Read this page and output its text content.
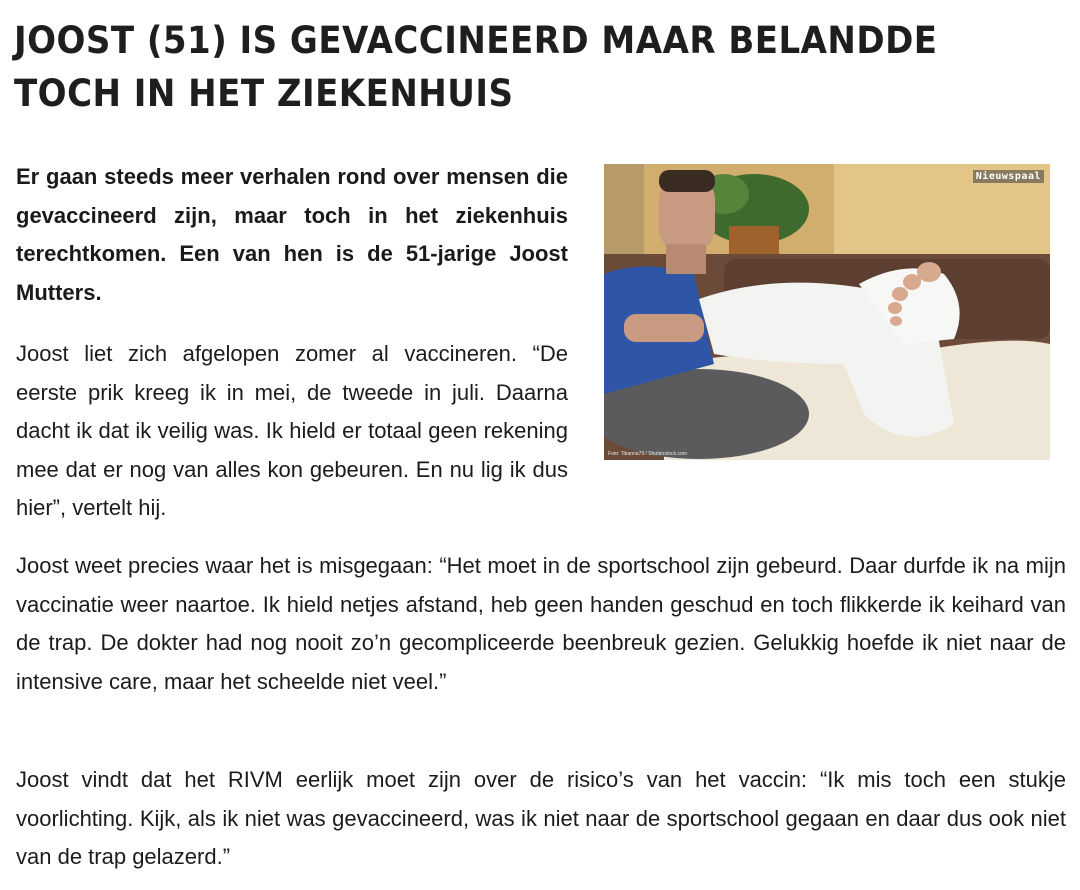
JOOST (51) IS GEVACCINEERD MAAR BELANDDE TOCH IN HET ZIEKENHUIS

Er gaan steeds meer verhalen rond over mensen die gevaccineerd zijn, maar toch in het ziekenhuis terechtkomen. Een van hen is de 51-jarige Joost Mutters.

Nieuwspaal
Foto: Tibanna79 / Shutterstock.com

Joost liet zich afgelopen zomer al vaccineren. “De eerste prik kreeg ik in mei, de tweede in juli. Daarna dacht ik dat ik veilig was. Ik hield er totaal geen rekening mee dat er nog van alles kon gebeuren. En nu lig ik dus hier”, vertelt hij.

Joost weet precies waar het is misgegaan: “Het moet in de sportschool zijn gebeurd. Daar durfde ik na mijn vaccinatie weer naartoe. Ik hield netjes afstand, heb geen handen geschud en toch flikkerde ik keihard van de trap. De dokter had nog nooit zo’n gecompliceerde beenbreuk gezien. Gelukkig hoefde ik niet naar de intensive care, maar het scheelde niet veel.”

Joost vindt dat het RIVM eerlijk moet zijn over de risico’s van het vaccin: “Ik mis toch een stukje voorlichting. Kijk, als ik niet was gevaccineerd, was ik niet naar de sportschool gegaan en daar dus ook niet van de trap gelazerd.”
